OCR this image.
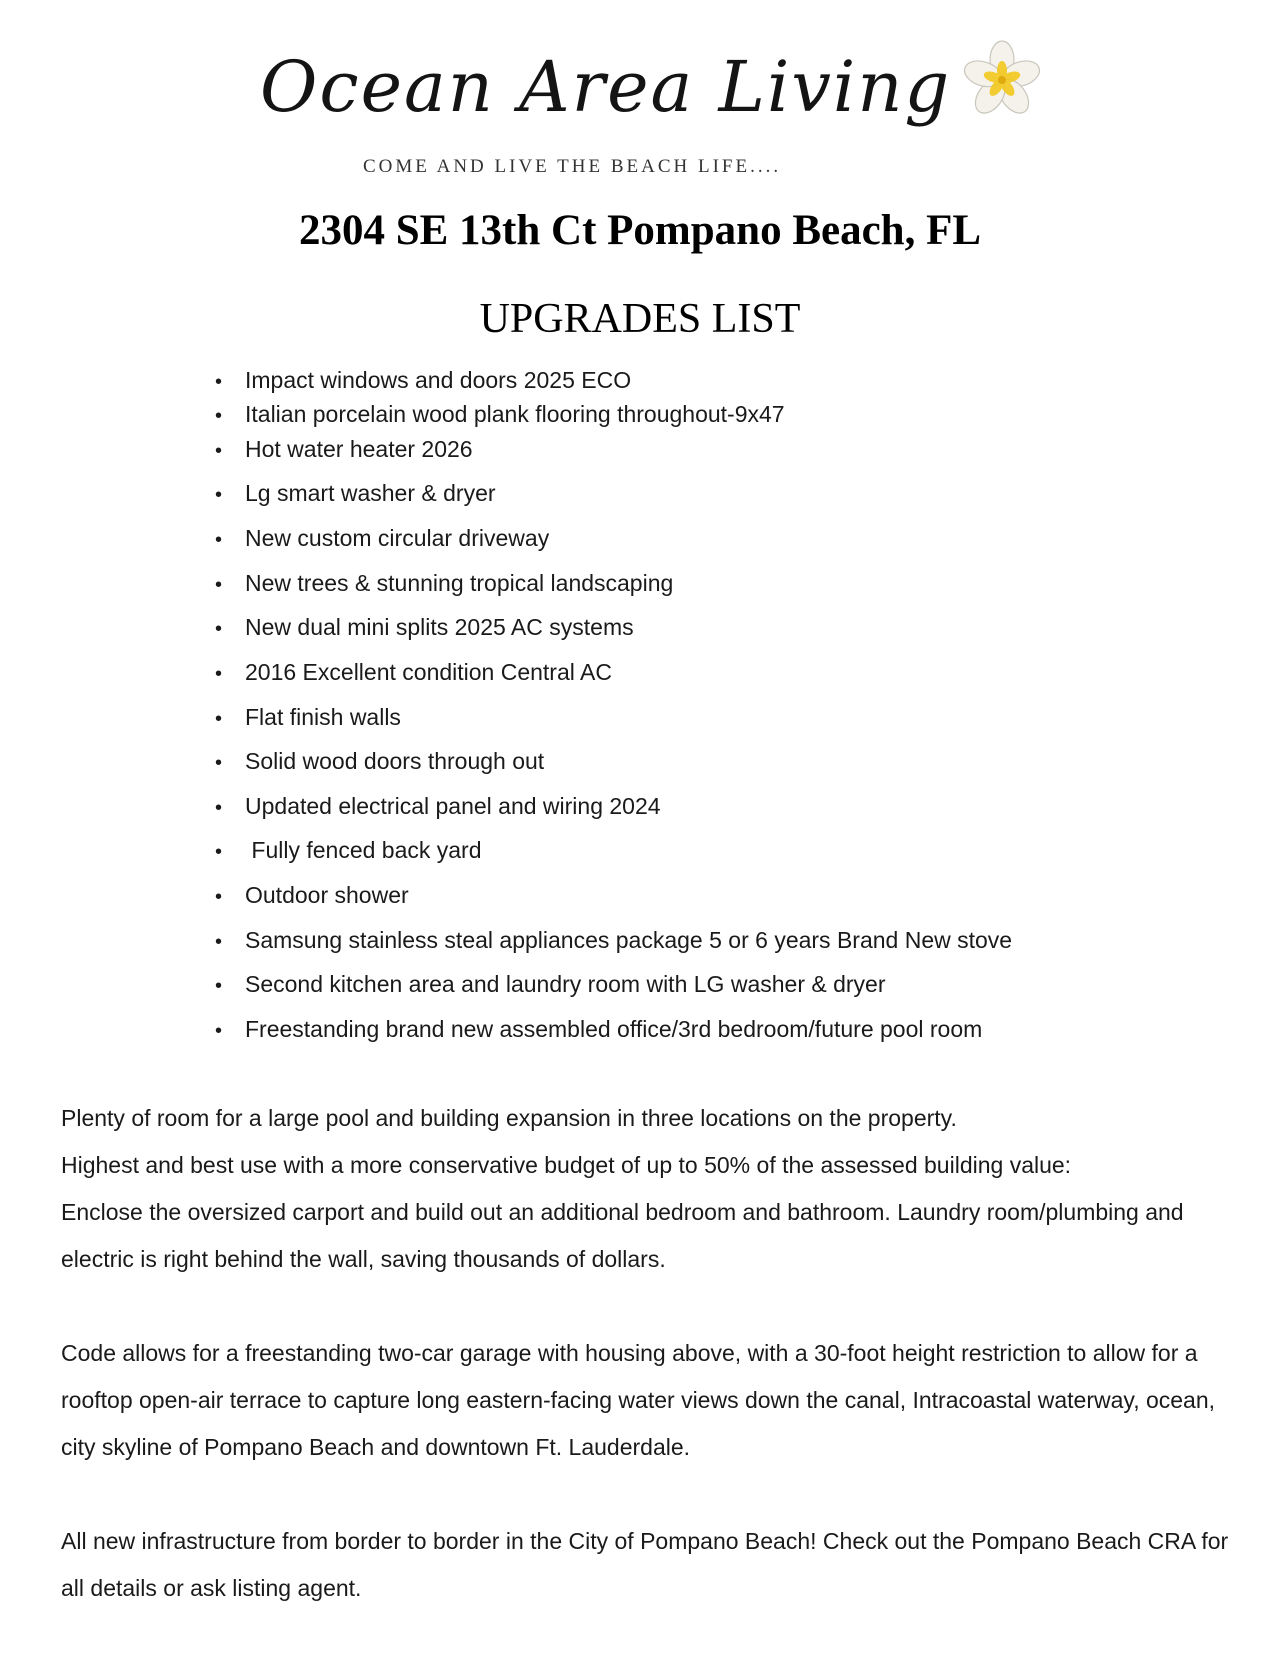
Ocean Area Living
COME AND LIVE THE BEACH LIFE....
2304 SE 13th Ct Pompano Beach, FL
UPGRADES LIST
• Impact windows and doors 2025 ECO
• Italian porcelain wood plank flooring throughout-9x47
• Hot water heater 2026
• Lg smart washer & dryer
• New custom circular driveway
• New trees & stunning tropical landscaping
• New dual mini splits 2025 AC systems
• 2016 Excellent condition Central AC
• Flat finish walls
• Solid wood doors through out
• Updated electrical panel and wiring 2024
• Fully fenced back yard
• Outdoor shower
• Samsung stainless steal appliances package 5 or 6 years Brand New stove
• Second kitchen area and laundry room with LG washer & dryer
• Freestanding brand new assembled office/3rd bedroom/future pool room

Plenty of room for a large pool and building expansion in three locations on the property.

Highest and best use with a more conservative budget of up to 50% of the assessed building value:

Enclose the oversized carport and build out an additional bedroom and bathroom. Laundry room/plumbing and electric is right behind the wall, saving thousands of dollars.

Code allows for a freestanding two-car garage with housing above, with a 30-foot height restriction to allow for a rooftop open-air terrace to capture long eastern-facing water views down the canal, Intracoastal waterway, ocean, city skyline of Pompano Beach and downtown Ft. Lauderdale.

All new infrastructure from border to border in the City of Pompano Beach! Check out the Pompano Beach CRA for all details or ask listing agent.
